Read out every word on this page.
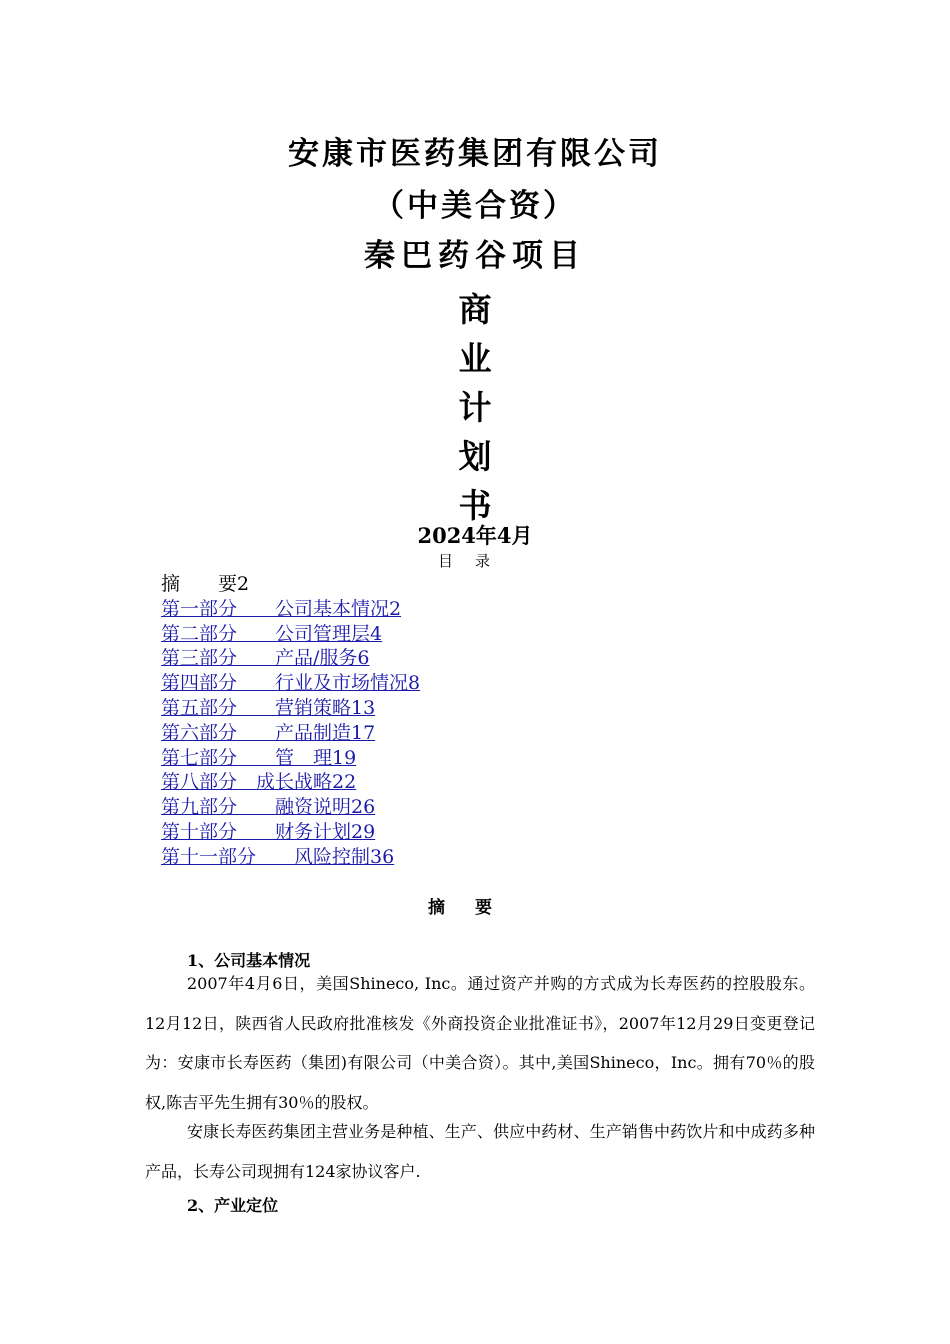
安康市医药集团有限公司
（中美合资）
秦巴药谷项目
商
业
计
划
书
2024年4月
目录
摘　　要2
第一部分　　公司基本情况2
第二部分　　公司管理层4
第三部分　　产品/服务6
第四部分　　行业及市场情况8
第五部分　　营销策略13
第六部分　　产品制造17
第七部分　　管　理19
第八部分　成长战略22
第九部分　　融资说明26
第十部分　　财务计划29
第十一部分　　风险控制36
摘要
1、公司基本情况
2007年4月6日，美国Shineco, Inc。通过资产并购的方式成为长寿医药的控股股东。12月12日，陕西省人民政府批准核发《外商投资企业批准证书》，2007年12月29日变更登记为：安康市长寿医药（集团)有限公司（中美合资）。其中,美国Shineco，Inc。拥有70％的股权,陈吉平先生拥有30％的股权。
安康长寿医药集团主营业务是种植、生产、供应中药材、生产销售中药饮片和中成药多种产品，长寿公司现拥有124家协议客户.
2、产业定位
